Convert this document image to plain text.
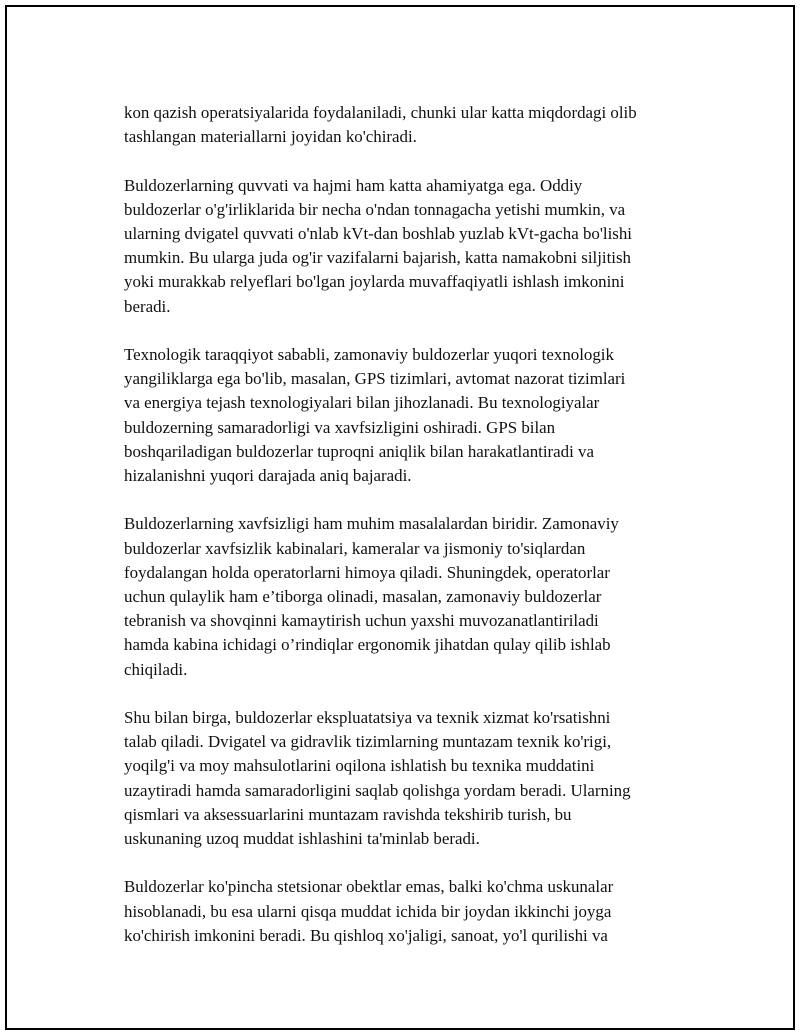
kon qazish operatsiyalarida foydalaniladi, chunki ular katta miqdordagi olib
tashlangan materiallarni joyidan ko'chiradi.

Buldozerlarning quvvati va hajmi ham katta ahamiyatga ega. Oddiy
buldozerlar o'g'irliklarida bir necha o'ndan tonnagacha yetishi mumkin, va
ularning dvigatel quvvati o'nlab kVt-dan boshlab yuzlab kVt-gacha bo'lishi
mumkin. Bu ularga juda og'ir vazifalarni bajarish, katta namakobni siljitish
yoki murakkab relyeflari bo'lgan joylarda muvaffaqiyatli ishlash imkonini
beradi.

Texnologik taraqqiyot sababli, zamonaviy buldozerlar yuqori texnologik
yangiliklarga ega bo'lib, masalan, GPS tizimlari, avtomat nazorat tizimlari
va energiya tejash texnologiyalari bilan jihozlanadi. Bu texnologiyalar
buldozerning samaradorligi va xavfsizligini oshiradi. GPS bilan
boshqariladigan buldozerlar tuproqni aniqlik bilan harakatlantiradi va
hizalanishni yuqori darajada aniq bajaradi.

Buldozerlarning xavfsizligi ham muhim masalalardan biridir. Zamonaviy
buldozerlar xavfsizlik kabinalari, kameralar va jismoniy to'siqlardan
foydalangan holda operatorlarni himoya qiladi. Shuningdek, operatorlar
uchun qulaylik ham e’tiborga olinadi, masalan, zamonaviy buldozerlar
tebranish va shovqinni kamaytirish uchun yaxshi muvozanatlantiriladi
hamda kabina ichidagi o’rindiqlar ergonomik jihatdan qulay qilib ishlab
chiqiladi.

Shu bilan birga, buldozerlar ekspluatatsiya va texnik xizmat ko'rsatishni
talab qiladi. Dvigatel va gidravlik tizimlarning muntazam texnik ko'rigi,
yoqilg'i va moy mahsulotlarini oqilona ishlatish bu texnika muddatini
uzaytiradi hamda samaradorligini saqlab qolishga yordam beradi. Ularning
qismlari va aksessuarlarini muntazam ravishda tekshirib turish, bu
uskunaning uzoq muddat ishlashini ta'minlab beradi.

Buldozerlar ko'pincha stetsionar obektlar emas, balki ko'chma uskunalar
hisoblanadi, bu esa ularni qisqa muddat ichida bir joydan ikkinchi joyga
ko'chirish imkonini beradi. Bu qishloq xo'jaligi, sanoat, yo'l qurilishi va
